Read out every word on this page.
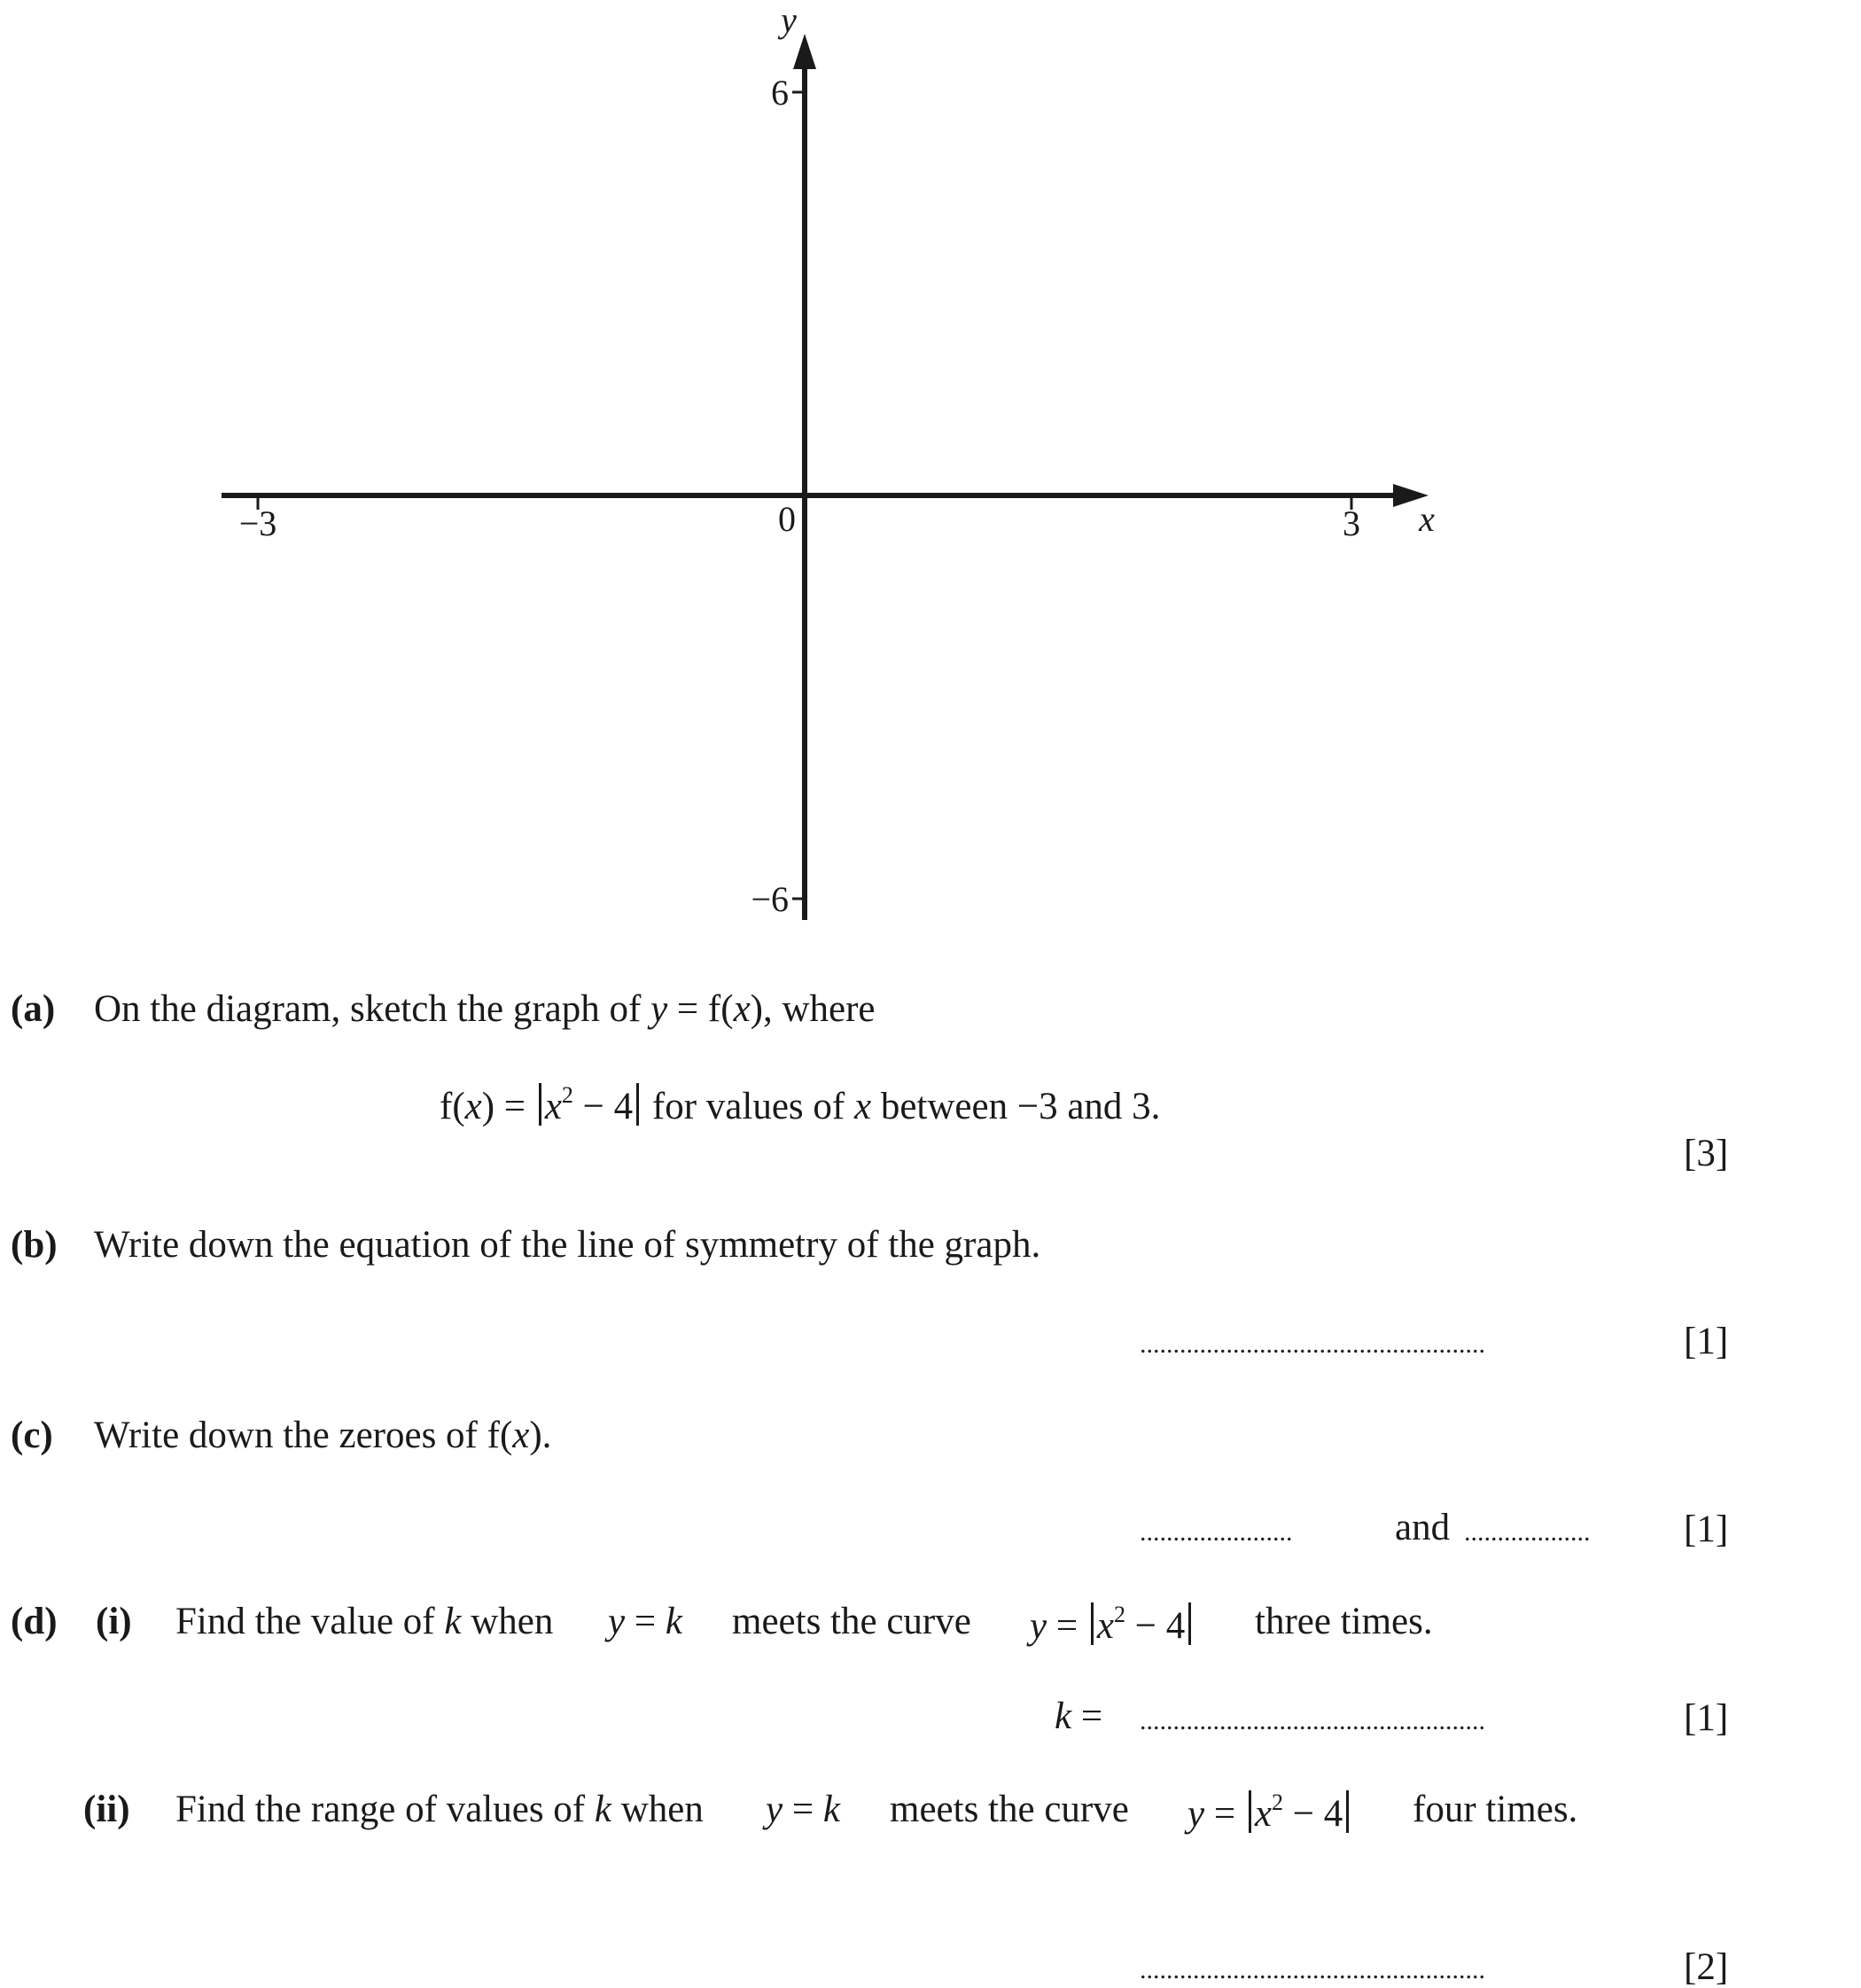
−3	3
6
−6
0	x
y
(a) On the diagram, sketch the graph of y = f(x), where
$f(x) = x^2 - 4$ for values of x between −3 and 3.
[3]
(b) Write down the equation of the line of symmetry of the graph.
....................................................	[1]
(c) Write down the zeroes of f(x).
.......................	and ................... [1]
(d) (i) Find the value of k when y = k meets the curve $y = x^2 - 4$ three times.
k = ....................................................	[1]
(ii) Find the range of values of k when y = k meets the curve $y = x^2 - 4$ four times.
....................................................	[2]
